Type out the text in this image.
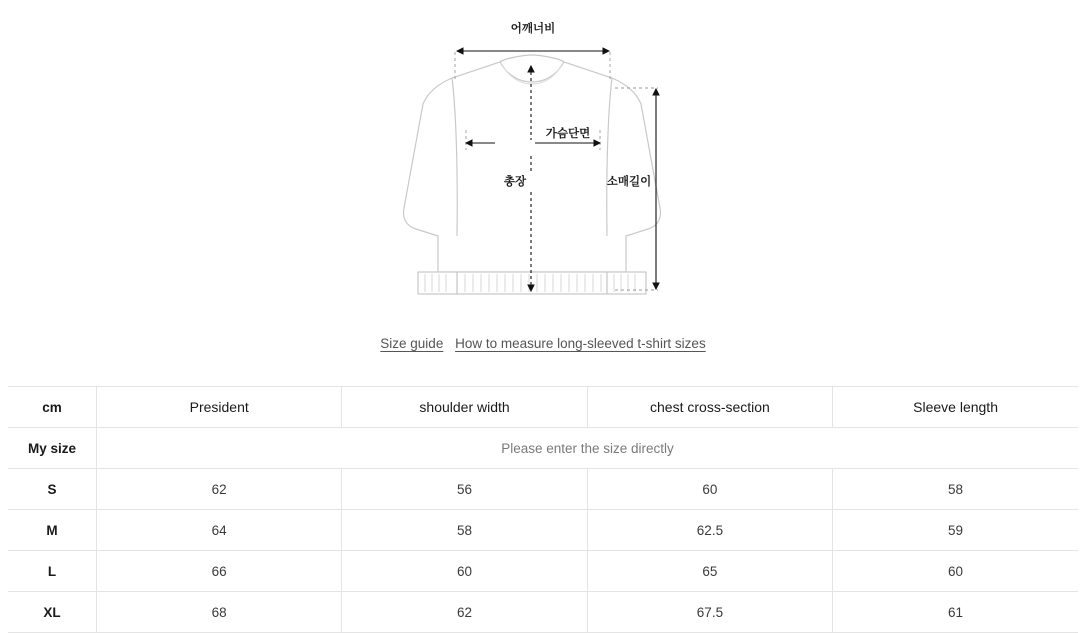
어깨너비
가슴단면
총장	소매길이
Size guide How to measure long-sleeved t-shirt sizes
cm	President	shoulder width	chest cross-section	Sleeve length
My size	Please enter the size directly			
S	62	56	60	58
M	64	58	62.5	59
L	66	60	65	60
XL	68	62	67.5	61
